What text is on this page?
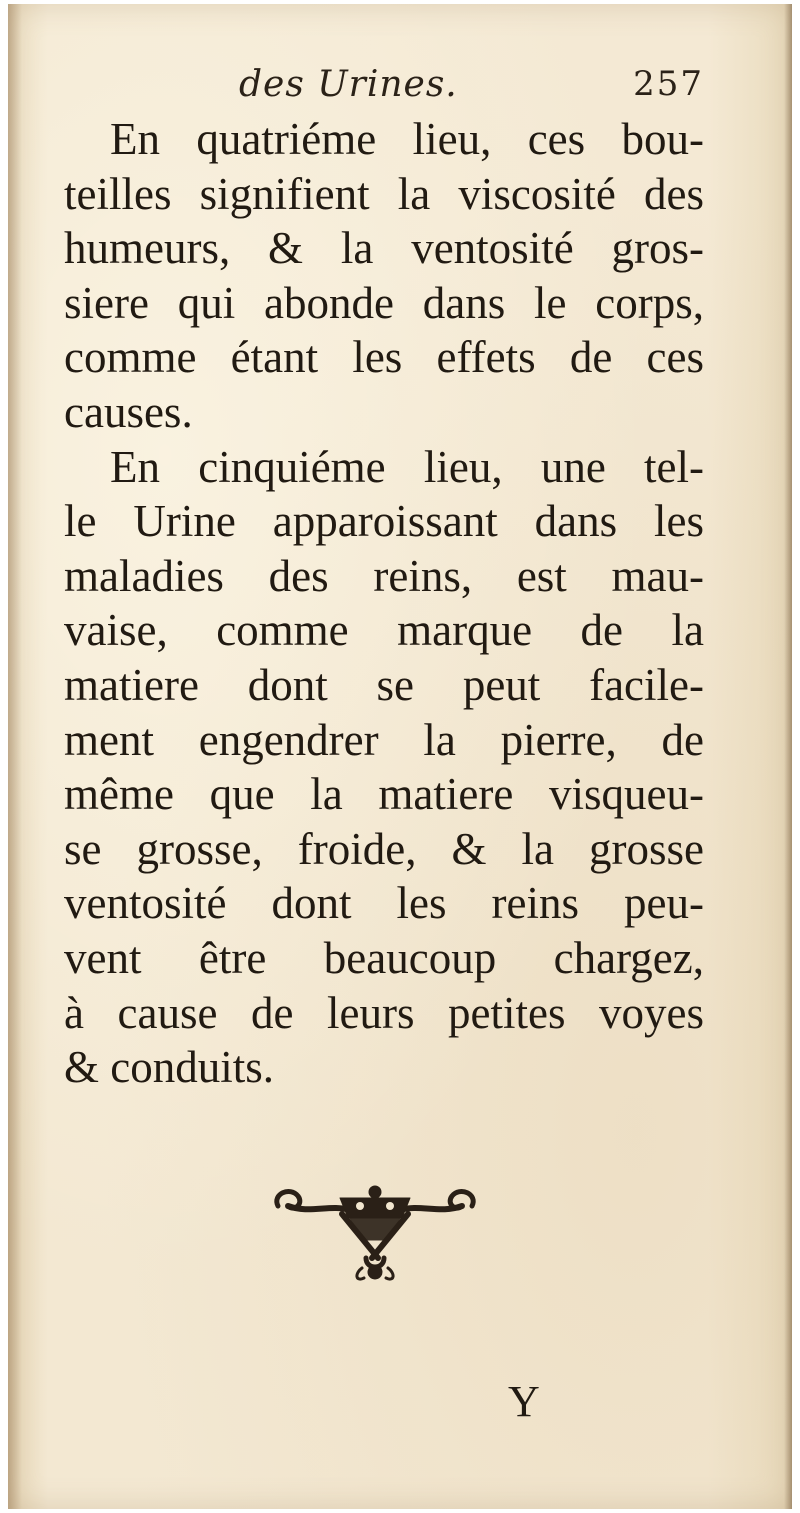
des Urines.	257

En quatriéme lieu, ces bou-
teilles signifient la viscosité des
humeurs, & la ventosité gros-
siere qui abonde dans le corps,
comme étant les effets de ces
causes.

En cinquiéme lieu, une tel-
le Urine apparoissant dans les
maladies des reins, est mau-
vaise, comme marque de la
matiere dont se peut facile-
ment engendrer la pierre, de
même que la matiere visqueu-
se grosse, froide, & la grosse
ventosité dont les reins peu-
vent être beaucoup chargez,
à cause de leurs petites voyes
& conduits.

Y
